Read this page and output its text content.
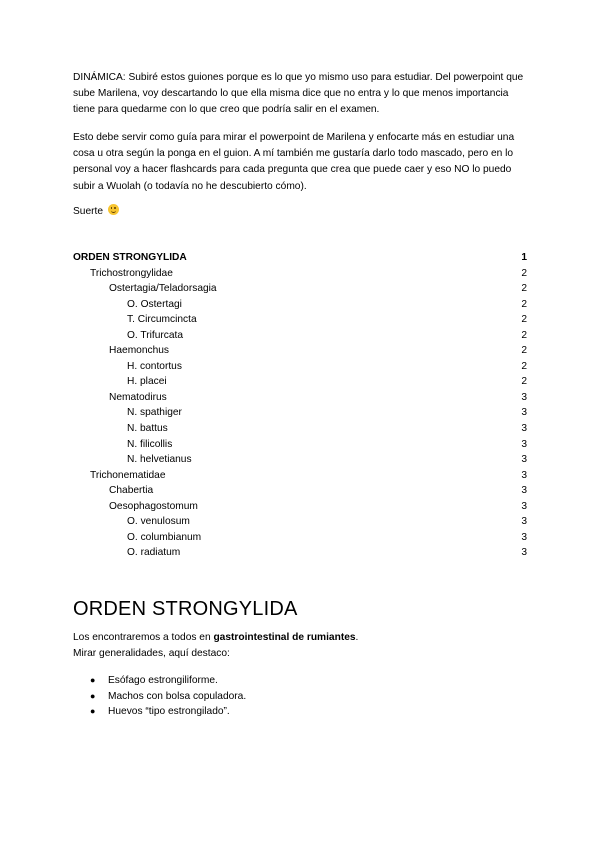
DINÁMICA: Subiré estos guiones porque es lo que yo mismo uso para estudiar. Del powerpoint que sube Marilena, voy descartando lo que ella misma dice que no entra y lo que menos importancia tiene para quedarme con lo que creo que podría salir en el examen.
Esto debe servir como guía para mirar el powerpoint de Marilena y enfocarte más en estudiar una cosa u otra según la ponga en el guion. A mí también me gustaría darlo todo mascado, pero en lo personal voy a hacer flashcards para cada pregunta que crea que puede caer y eso NO lo puedo subir a Wuolah (o todavía no he descubierto cómo).
Suerte
ORDEN STRONGYLIDA	1
Trichostrongylidae	2
Ostertagia/Teladorsagia	2
O. Ostertagi	2
T. Circumcincta	2
O. Trifurcata	2
Haemonchus	2
H. contortus	2
H. placei	2
Nematodirus	3
N. spathiger	3
N. battus	3
N. filicollis	3
N. helvetianus	3
Trichonematidae	3
Chabertia	3
Oesophagostomum	3
O. venulosum	3
O. columbianum	3
O. radiatum	3
ORDEN STRONGYLIDA
Los encontraremos a todos en gastrointestinal de rumiantes.
Mirar generalidades, aquí destaco:
● Esófago estrongiliforme.
● Machos con bolsa copuladora.
● Huevos “tipo estrongilado”.
